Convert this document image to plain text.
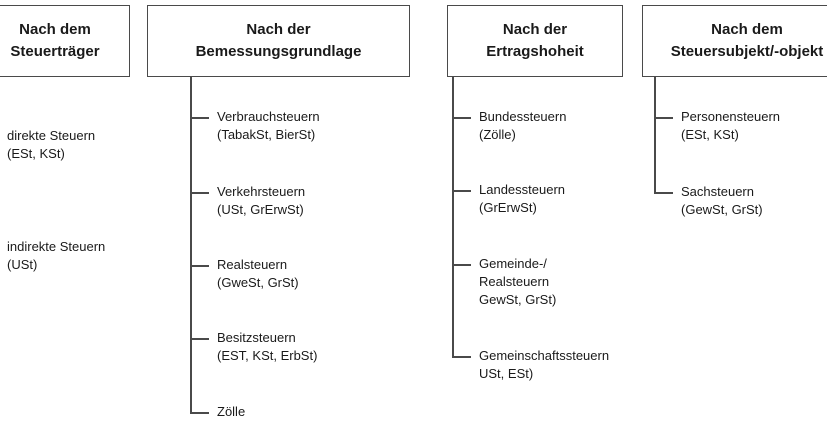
Nach dem
Steuerträger
direkte Steuern
(ESt, KSt)
indirekte Steuern
(USt)
Nach der
Bemessungsgrundlage
Verbrauchsteuern
(TabakSt, BierSt)
Verkehrsteuern
(USt, GrErwSt)
Realsteuern
(GweSt, GrSt)
Besitzsteuern
(EST, KSt, ErbSt)
Zölle
Nach der
Ertragshoheit
Bundessteuern
(Zölle)
Landessteuern
(GrErwSt)
Gemeinde-/
Realsteuern
GewSt, GrSt)
Gemeinschaftssteuern
USt, ESt)
Nach dem
Steuersubjekt/-objekt
Personensteuern
(ESt, KSt)
Sachsteuern
(GewSt, GrSt)
